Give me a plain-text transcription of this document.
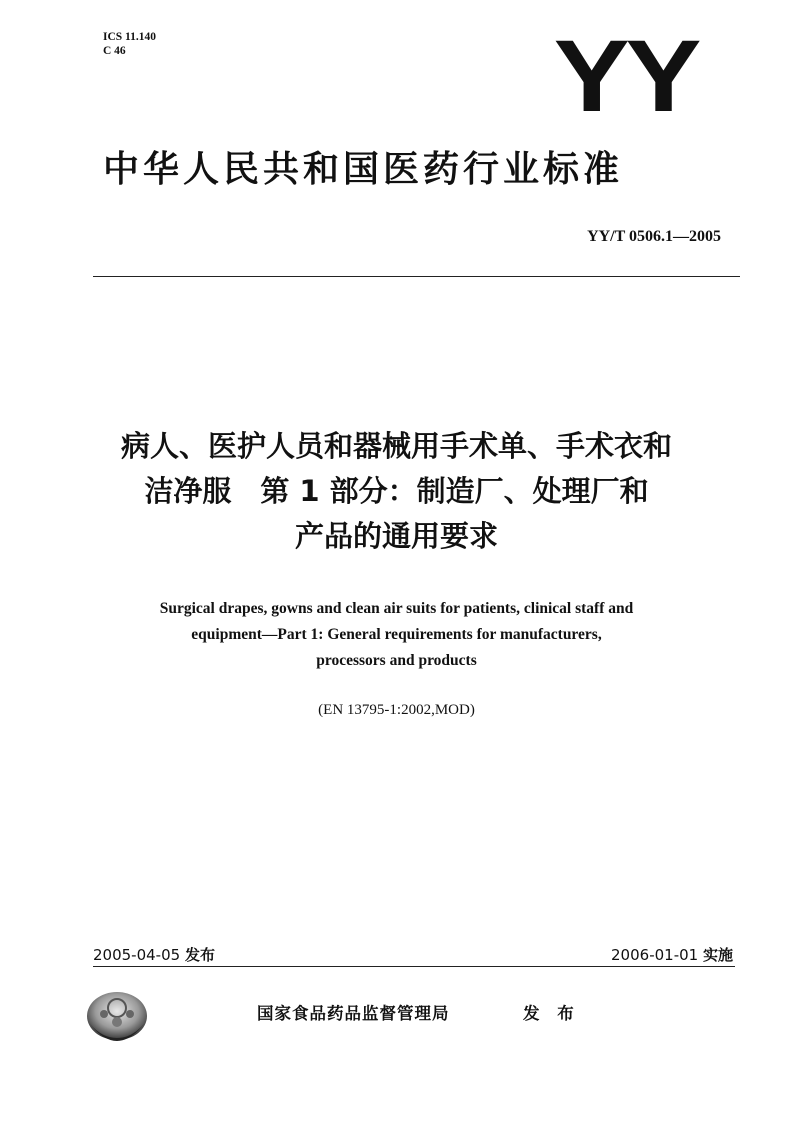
ICS 11.140
C 46	YY
中华人民共和国医药行业标准
YY/T 0506.1—2005
病人、医护人员和器械用手术单、手术衣和
洁净服　第 1 部分：制造厂、处理厂和
产品的通用要求
Surgical drapes, gowns and clean air suits for patients, clinical staff and
equipment—Part 1: General requirements for manufacturers,
processors and products
(EN 13795-1:2002,MOD)
2005-04-05 发布	2006-01-01 实施
国家食品药品监督管理局	发 布
